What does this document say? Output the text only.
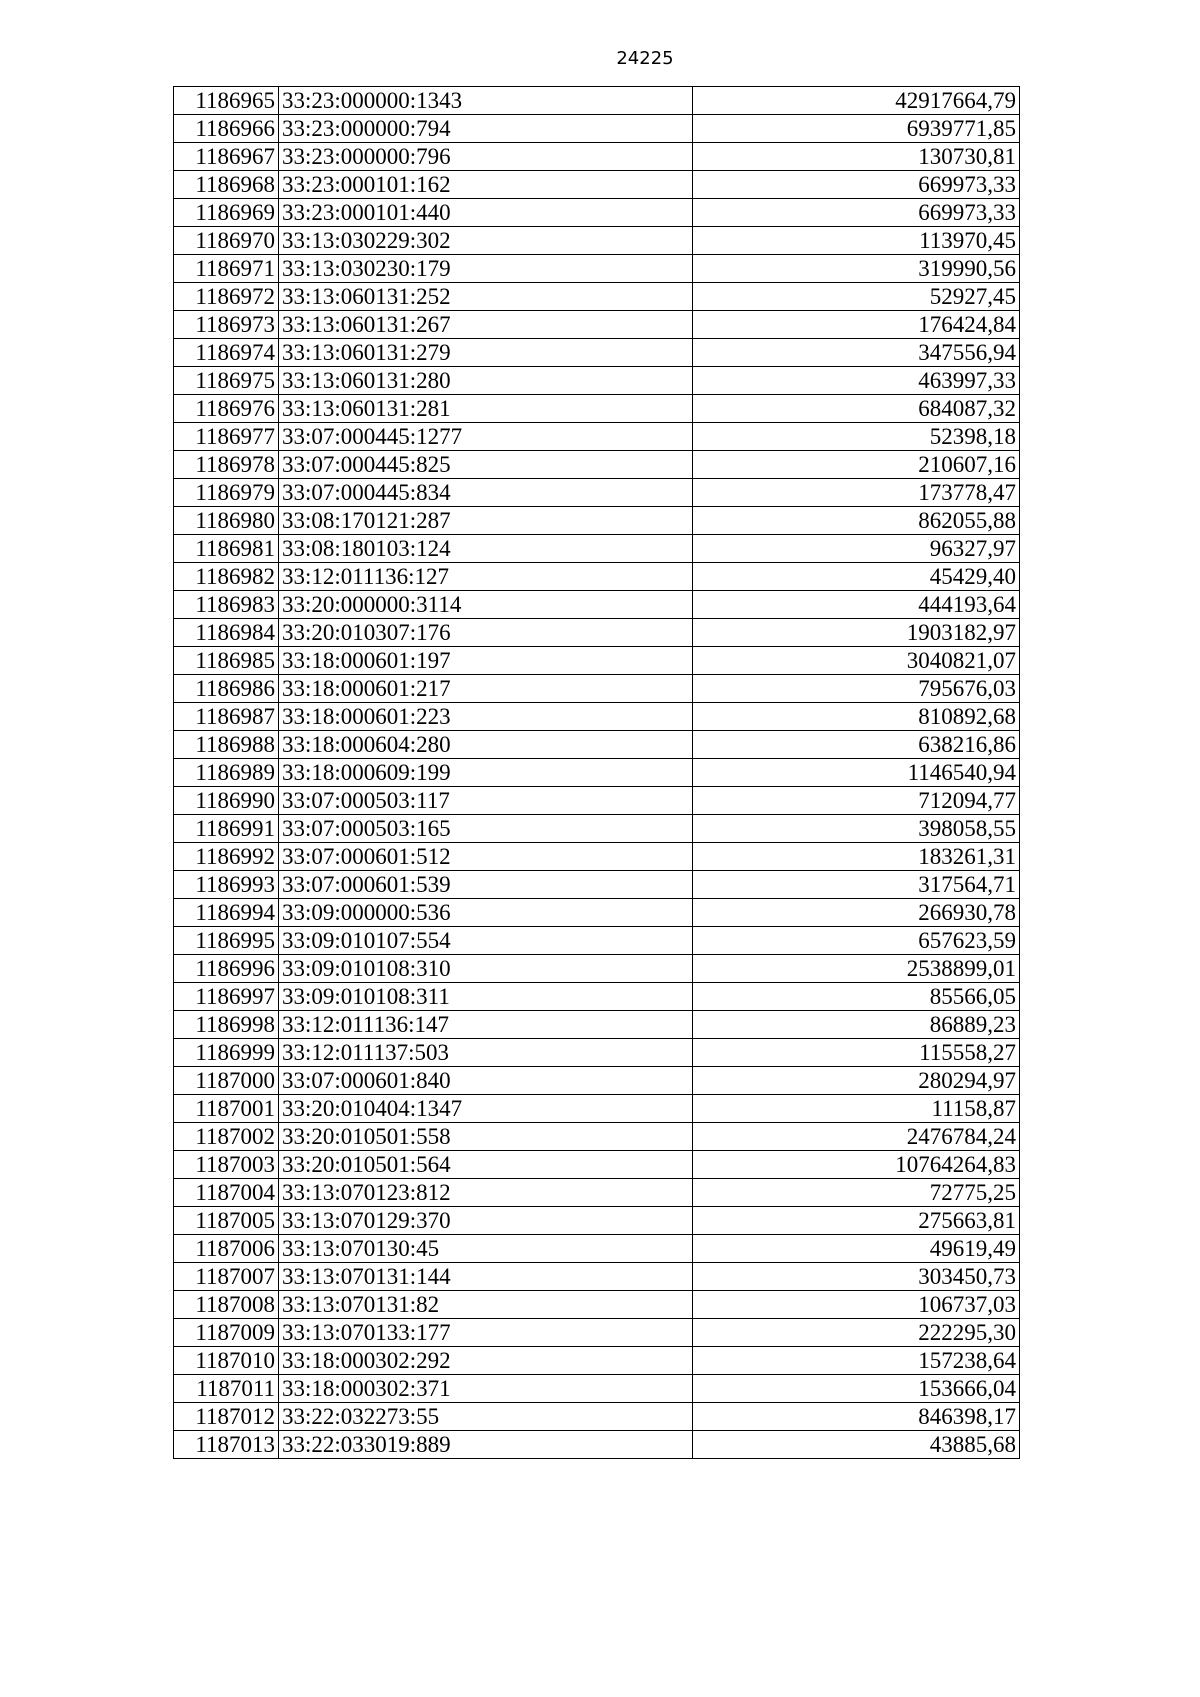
24225
1186965	33:23:000000:1343	42917664,79
1186966	33:23:000000:794	6939771,85
1186967	33:23:000000:796	130730,81
1186968	33:23:000101:162	669973,33
1186969	33:23:000101:440	669973,33
1186970	33:13:030229:302	113970,45
1186971	33:13:030230:179	319990,56
1186972	33:13:060131:252	52927,45
1186973	33:13:060131:267	176424,84
1186974	33:13:060131:279	347556,94
1186975	33:13:060131:280	463997,33
1186976	33:13:060131:281	684087,32
1186977	33:07:000445:1277	52398,18
1186978	33:07:000445:825	210607,16
1186979	33:07:000445:834	173778,47
1186980	33:08:170121:287	862055,88
1186981	33:08:180103:124	96327,97
1186982	33:12:011136:127	45429,40
1186983	33:20:000000:3114	444193,64
1186984	33:20:010307:176	1903182,97
1186985	33:18:000601:197	3040821,07
1186986	33:18:000601:217	795676,03
1186987	33:18:000601:223	810892,68
1186988	33:18:000604:280	638216,86
1186989	33:18:000609:199	1146540,94
1186990	33:07:000503:117	712094,77
1186991	33:07:000503:165	398058,55
1186992	33:07:000601:512	183261,31
1186993	33:07:000601:539	317564,71
1186994	33:09:000000:536	266930,78
1186995	33:09:010107:554	657623,59
1186996	33:09:010108:310	2538899,01
1186997	33:09:010108:311	85566,05
1186998	33:12:011136:147	86889,23
1186999	33:12:011137:503	115558,27
1187000	33:07:000601:840	280294,97
1187001	33:20:010404:1347	11158,87
1187002	33:20:010501:558	2476784,24
1187003	33:20:010501:564	10764264,83
1187004	33:13:070123:812	72775,25
1187005	33:13:070129:370	275663,81
1187006	33:13:070130:45	49619,49
1187007	33:13:070131:144	303450,73
1187008	33:13:070131:82	106737,03
1187009	33:13:070133:177	222295,30
1187010	33:18:000302:292	157238,64
1187011	33:18:000302:371	153666,04
1187012	33:22:032273:55	846398,17
1187013	33:22:033019:889	43885,68
